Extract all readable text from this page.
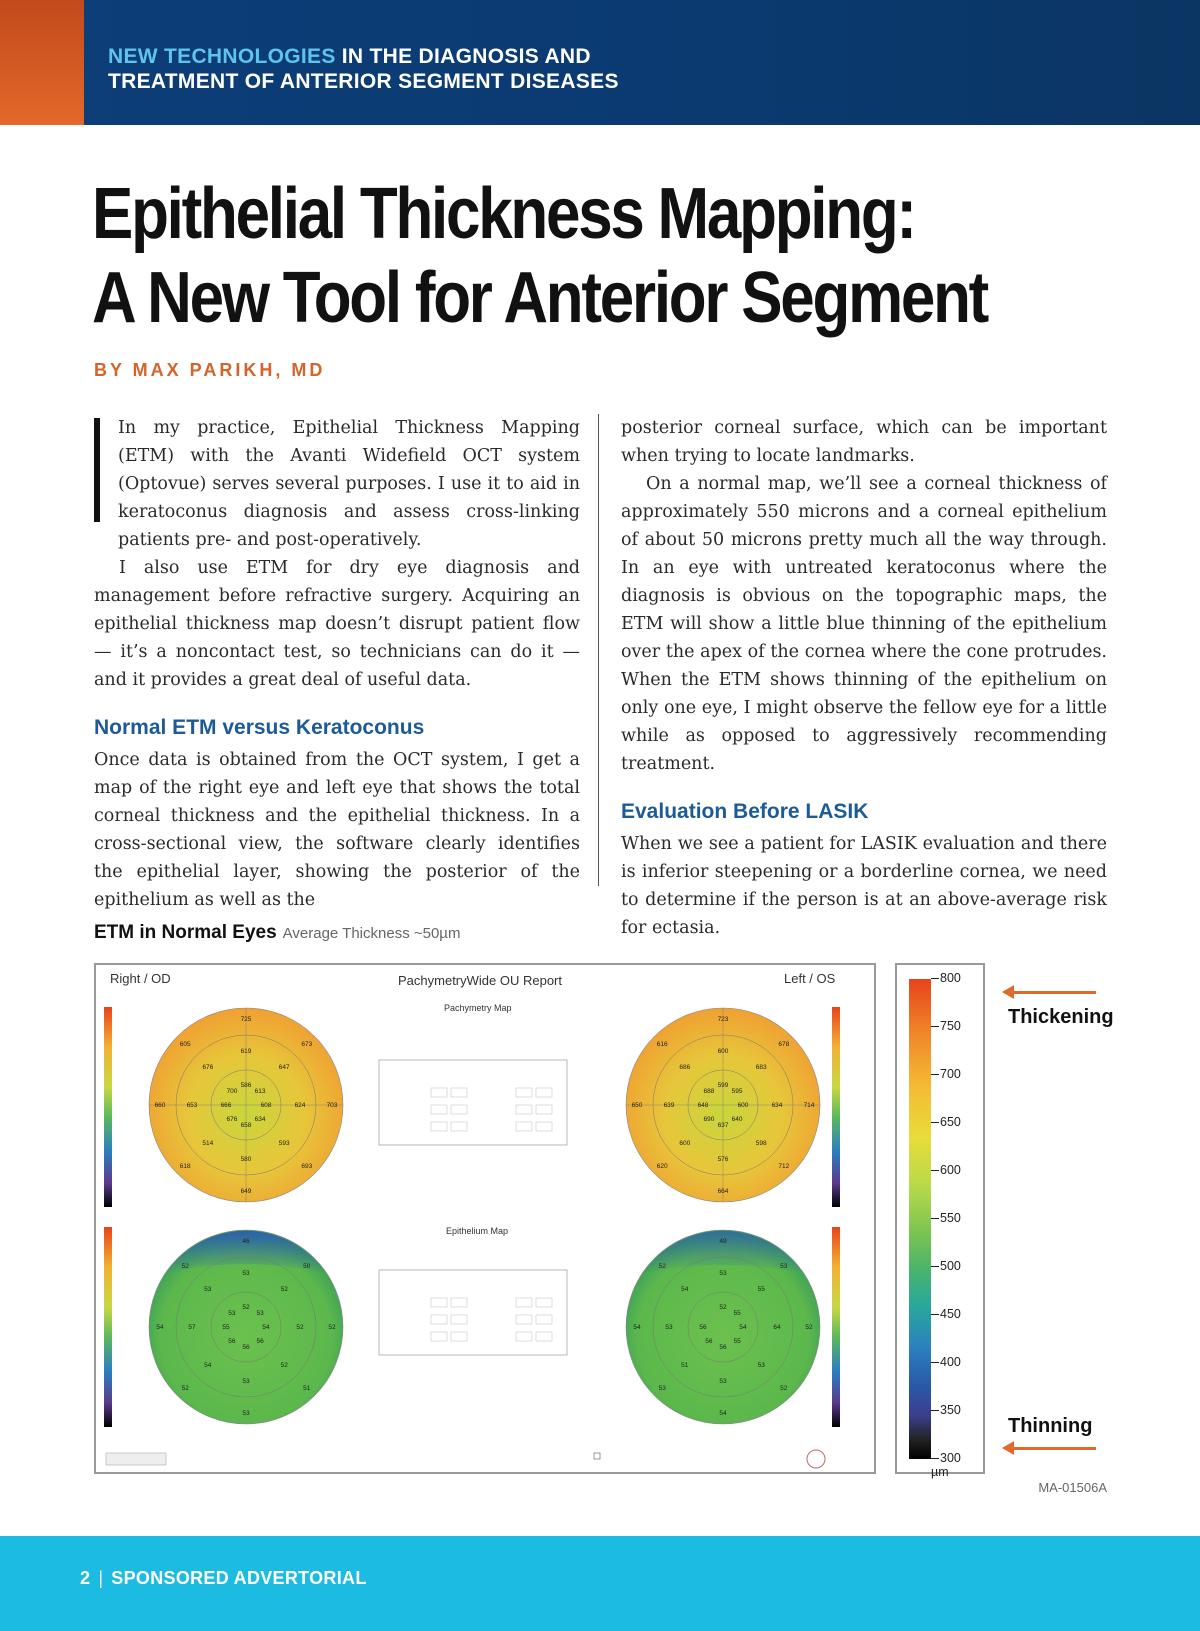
NEW TECHNOLOGIES IN THE DIAGNOSIS AND
TREATMENT OF ANTERIOR SEGMENT DISEASES
Epithelial Thickness Mapping:
A New Tool for Anterior Segment
BY MAX PARIKH, MD

In my practice, Epithelial Thickness Mapping (ETM) with the Avanti Widefield OCT system (Optovue) serves several purposes. I use it to aid in keratoconus diagnosis and assess cross-linking patients pre- and post-operatively.

I also use ETM for dry eye diagnosis and management before refractive surgery. Acquiring an epithelial thickness map doesn’t disrupt patient flow — it’s a noncontact test, so technicians can do it — and it provides a great deal of useful data.

Normal ETM versus Keratoconus

Once data is obtained from the OCT system, I get a map of the right eye and left eye that shows the total corneal thickness and the epithelial thickness. In a cross-sectional view, the software clearly identifies the epithelial layer, showing the posterior of the epithelium as well as the

posterior corneal surface, which can be important when trying to locate landmarks.

On a normal map, we’ll see a corneal thickness of approximately 550 microns and a corneal epithelium of about 50 microns pretty much all the way through. In an eye with untreated keratoconus where the diagnosis is obvious on the topographic maps, the ETM will show a little blue thinning of the epithelium over the apex of the cornea where the cone protrudes. When the ETM shows thinning of the epithelium on only one eye, I might observe the fellow eye for a little while as opposed to aggressively recommending treatment.

Evaluation Before LASIK

When we see a patient for LASIK evaluation and there is inferior steepening or a borderline cornea, we need to determine if the person is at an above-average risk for ectasia.

ETM in Normal Eyes Average Thickness ~50µm
725
673
703
693
649
618
660
605
619
647
624
593
580
514
653
676
586
613
608
634
658
676
666
700
723
678
714
712
664
620
650
616
600
683
634
598
576
600
639
686
599
595
600
640
637
690
648
688
46
50
52
51
53
52
54
52
53
52
52
52
53
54
57
53
52
53
54
56
56
56
55
53
49
53
52
52
54
53
54
52
53
55
64
53
53
51
53
54
52
55
54
55
56
56
56
Right / OD	Left / OS
PachymetryWide OU Report
Pachymetry Map
Epithelium Map
800
750
700
650
600
550
500
450
400
350
300 µm
Thickening
Thinning
MA-01506A
2 | SPONSORED ADVERTORIAL
